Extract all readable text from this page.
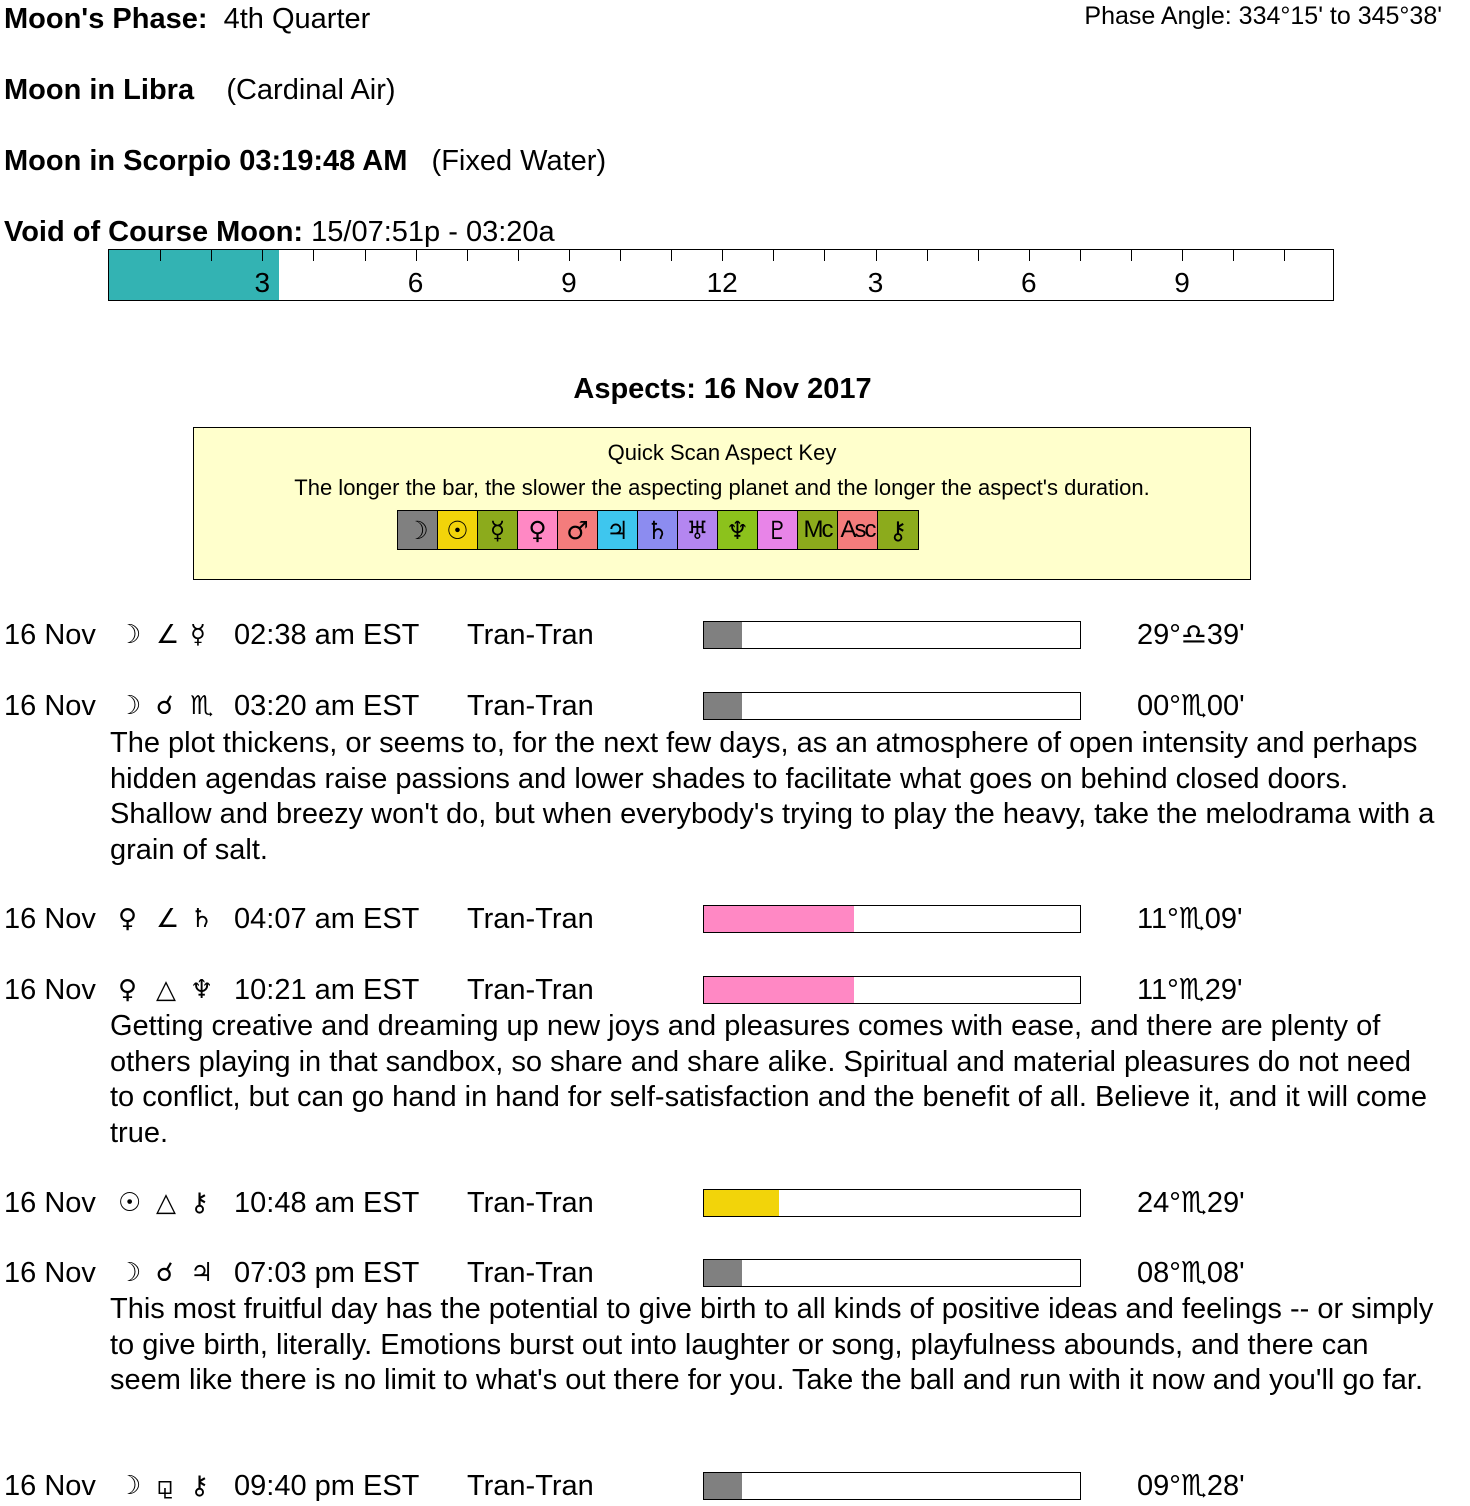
Moon's Phase: 4th Quarter	Phase Angle: 334°15' to 345°38'
Moon in Libra (Cardinal Air)
Moon in Scorpio 03:19:48 AM (Fixed Water)
Void of Course Moon: 15/07:51p - 03:20a
3	6	9	12	3	6	9
Aspects: 16 Nov 2017
Quick Scan Aspect Key
The longer the bar, the slower the aspecting planet and the longer the aspect's duration.
☽ ☉ ☿ ♀ ♂ ♃ ♄ ♅ ♆ ♇ Mc Asc ⚷
16 Nov ☽ ∠ ☿ 02:38 am EST Tran-Tran	29°♎39'
16 Nov ☽ ☌ ♏ 03:20 am EST Tran-Tran	00°♏00'
The plot thickens, or seems to, for the next few days, as an atmosphere of open intensity and perhaps hidden agendas raise passions and lower shades to facilitate what goes on behind closed doors. Shallow and breezy won't do, but when everybody's trying to play the heavy, take the melodrama with a grain of salt.
16 Nov ♀ ∠ ♄ 04:07 am EST Tran-Tran	11°♏09'
16 Nov ♀ △ ♆ 10:21 am EST Tran-Tran	11°♏29'
Getting creative and dreaming up new joys and pleasures comes with ease, and there are plenty of others playing in that sandbox, so share and share alike. Spiritual and material pleasures do not need to conflict, but can go hand in hand for self-satisfaction and the benefit of all. Believe it, and it will come true.
16 Nov ☉ △ ⚷ 10:48 am EST Tran-Tran	24°♏29'
16 Nov ☽ ☌ ♃ 07:03 pm EST Tran-Tran	08°♏08'
This most fruitful day has the potential to give birth to all kinds of positive ideas and feelings -- or simply to give birth, literally. Emotions burst out into laughter or song, playfulness abounds, and there can seem like there is no limit to what's out there for you. Take the ball and run with it now and you'll go far.
16 Nov ☽ ⚼ ⚷ 09:40 pm EST Tran-Tran	09°♏28'
